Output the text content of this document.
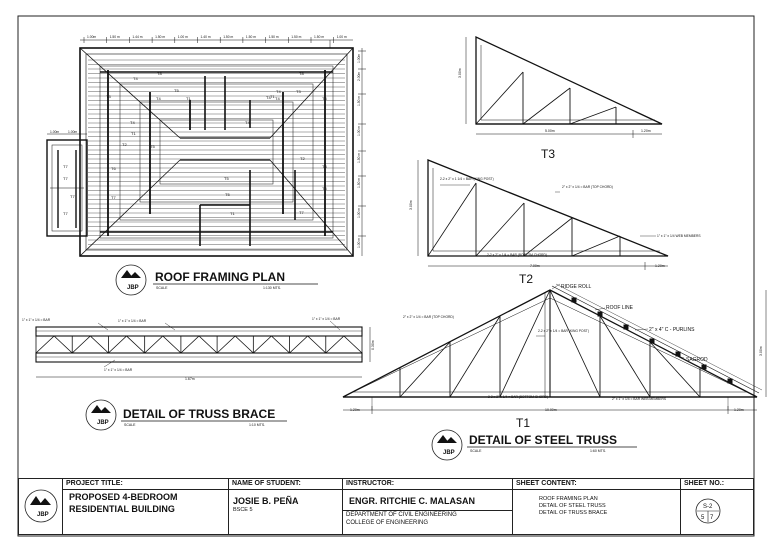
1.00m	1.50 m	1.44 m	1.50 m	1.00 m	1.40 m	1.50 m	1.50 m	1.50 m	1.50 m	1.50 m	1.00 m
1.00m
2.00m
1.50 m
1.00 m
1.50 m
1.50 m
1.00 m
1.00 m
1.00m	1.00m
T4
T4	T4
T4	T4
T8	T8
T8
T8
T8
T7
T7
T6
T3
T3
T2
T2
T1	T1
T1
T1
T5
T5
T5
T5	T4
T4
T7
T7
T7
T7
JBP
ROOF FRAMING PLAN
SCALE	1:130 MTS.
3.00m
5.00m	1.20m
T3
3.00m
2-2 x 2" x 1 1/4 = BAR (KING POST)
2" x 2" x 1/4 = BAR (TOP CHORD)
1" x 1" x 1/4 WEB MEMBERS
2-2 x 2" x 1/4 = BAR (BOTTOM CHORD)
7.00m	1.20m
T2
1" x 1" x 1/4 = BAR	1" x 1" x 1/4 = BAR	1" x 1" x 1/4 = BAR
1" x 1" x 1/4 = BAR
1.67m
0.30m
JBP
DETAIL OF TRUSS BRACE
SCALE	1:10 MTS.
RIDGE ROLL
ROOF LINE
2" x 4" C - PURLINS
SAGROD
2" x 2" x 1/4 = BAR (TOP CHORD)
2-2 x 2" x 1/4 = BAR (KING POST)
2-2 x 2" x 1/4 = BAR (BOTTOM CHORD)	2" x 1" x 1/4 = BAR WEB MEMBERS
1.20m	10.00m	1.20m
3.00m
T1
JBP
DETAIL OF STEEL TRUSS
SCALE	1:60 MTS.
JBP
PROJECT TITLE:
PROPOSED 4-BEDROOM
RESIDENTIAL BUILDING
NAME OF STUDENT:
JOSIE B. PEÑA
BSCE 5
INSTRUCTOR:
ENGR. RITCHIE C. MALASAN
DEPARTMENT OF CIVIL ENGINEERING
COLLEGE OF ENGINEERING
SHEET CONTENT:
ROOF FRAMING PLAN
DETAIL OF STEEL TRUSS
DETAIL OF TRUSS BRACE
SHEET NO.:
S-2
5 7
